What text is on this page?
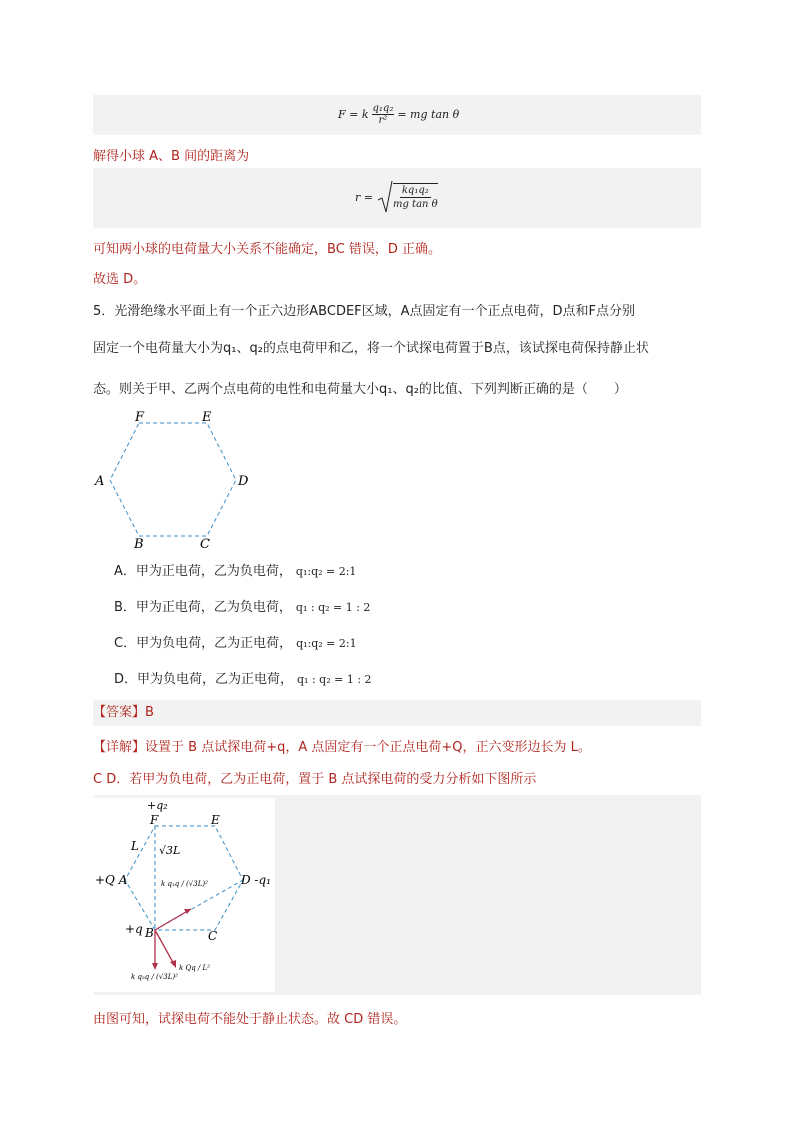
F = k $\frac{\text{q₁q₂}}{\text{r²}}$ = mg tan θ
解得小球 A、B 间的距离为
r =	kq₁q₂
mg tan θ
可知两小球的电荷量大小关系不能确定，BC 错误，D 正确。
故选 D。
5．光滑绝缘水平面上有一个正六边形ABCDEF区域，A点固定有一个正点电荷，D点和F点分别
固定一个电荷量大小为q₁、q₂的点电荷甲和乙，将一个试探电荷置于B点，该试探电荷保持静止状
态。则关于甲、乙两个点电荷的电性和电荷量大小q₁、q₂的比值、下列判断正确的是（　　）
F	E
A	D
B	C
A．甲为正电荷，乙为负电荷， q₁:q₂ = 2:1
B．甲为正电荷，乙为负电荷， q₁ : q₂ = 1 : 2
C．甲为负电荷，乙为正电荷， q₁:q₂ = 2:1
D．甲为负电荷，乙为正电荷， q₁ : q₂ = 1 : 2
【答案】B
【详解】设置于 B 点试探电荷+q，A 点固定有一个正点电荷+Q，正六变形边长为 L。
C D．若甲为负电荷，乙为正电荷，置于 B 点试探电荷的受力分析如下图所示
+q₂
F	E
L √3L
+Q A	D -q₁
k q₁q / (√3L)²
+q B	C
k q₂q / (√3L)²
k Qq / L²
由图可知，试探电荷不能处于静止状态。故 CD 错误。
